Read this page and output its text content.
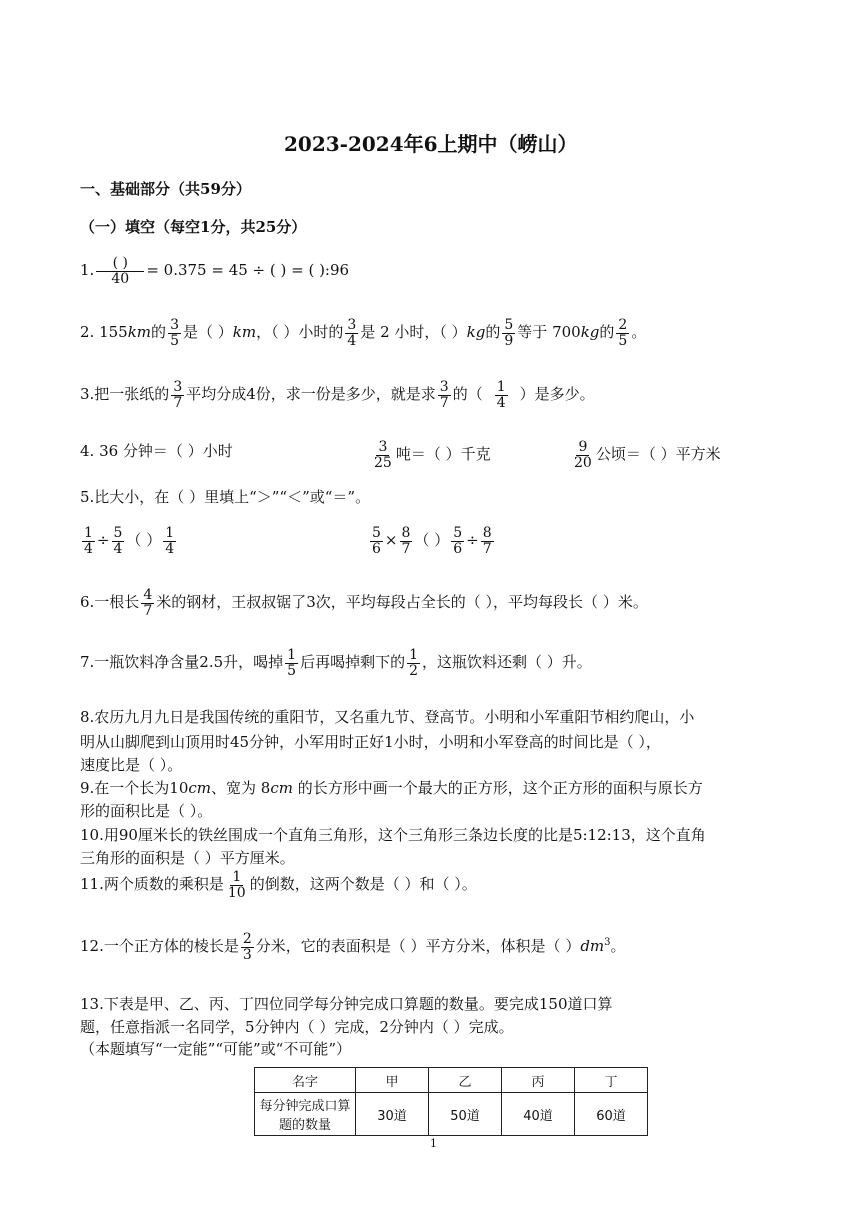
2023-2024年6上期中（崂山）
一、基础部分（共59分）
（一）填空（每空1分，共25分）
1. $\frac{( )}{40} = 0.375 = 45$ ÷ ( ) = ( ):96
2. 155km的 $\frac{3}{5}$ 是（ ）km，（ ）小时的 $\frac{3}{4}$ 是 2 小时，（ ）kg的 $\frac{5}{9}$ 等于 700kg的 $\frac{2}{5}$ 。
3.把一张纸的 $\frac{3}{7}$ 平均分成4份，求一份是多少，就是求 $\frac{3}{7}$ 的（ $\frac{1}{4}$ ）是多少。
4. 36 分钟＝（ ）小时	$\frac{3}{25}$ 吨＝（ ）千克	$\frac{9}{20}$ 公顷＝（ ）平方米
5.比大小，在（ ）里填上“＞”“＜”或“＝”。
$\frac{1}{4} \div \frac{5}{4}$ （ ） $\frac{1}{4}$	$\frac{5}{6} \times \frac{8}{7}$ （ ） $\frac{5}{6} \div \frac{8}{7}$
6.一根长 $\frac{4}{7}$ 米的钢材，王叔叔锯了3次，平均每段占全长的（ ），平均每段长（ ）米。
7.一瓶饮料净含量2.5升，喝掉 $\frac{1}{5}$ 后再喝掉剩下的 $\frac{1}{2}$ ，这瓶饮料还剩（ ）升。
8.农历九月九日是我国传统的重阳节，又名重九节、登高节。小明和小军重阳节相约爬山，小
明从山脚爬到山顶用时45分钟，小军用时正好1小时，小明和小军登高的时间比是（ ），
速度比是（ ）。
9.在一个长为10cm、宽为 8cm 的长方形中画一个最大的正方形，这个正方形的面积与原长方
形的面积比是（ ）。
10.用90厘米长的铁丝围成一个直角三角形，这个三角形三条边长度的比是5:12:13，这个直角
三角形的面积是（ ）平方厘米。
11.两个质数的乘积是 $\frac{1}{10}$ 的倒数，这两个数是（ ）和（ ）。
12.一个正方体的棱长是 $\frac{2}{3}$ 分米，它的表面积是（ ）平方分米，体积是（ ）$dm^3$。
13.下表是甲、乙、丙、丁四位同学每分钟完成口算题的数量。要完成150道口算
题，任意指派一名同学，5分钟内（ ）完成，2分钟内（ ）完成。
（本题填写“一定能”“可能”或“不可能”）
名字	甲	乙	丙	丁
每分钟完成口算题的数量	30道	50道	40道	60道
1
